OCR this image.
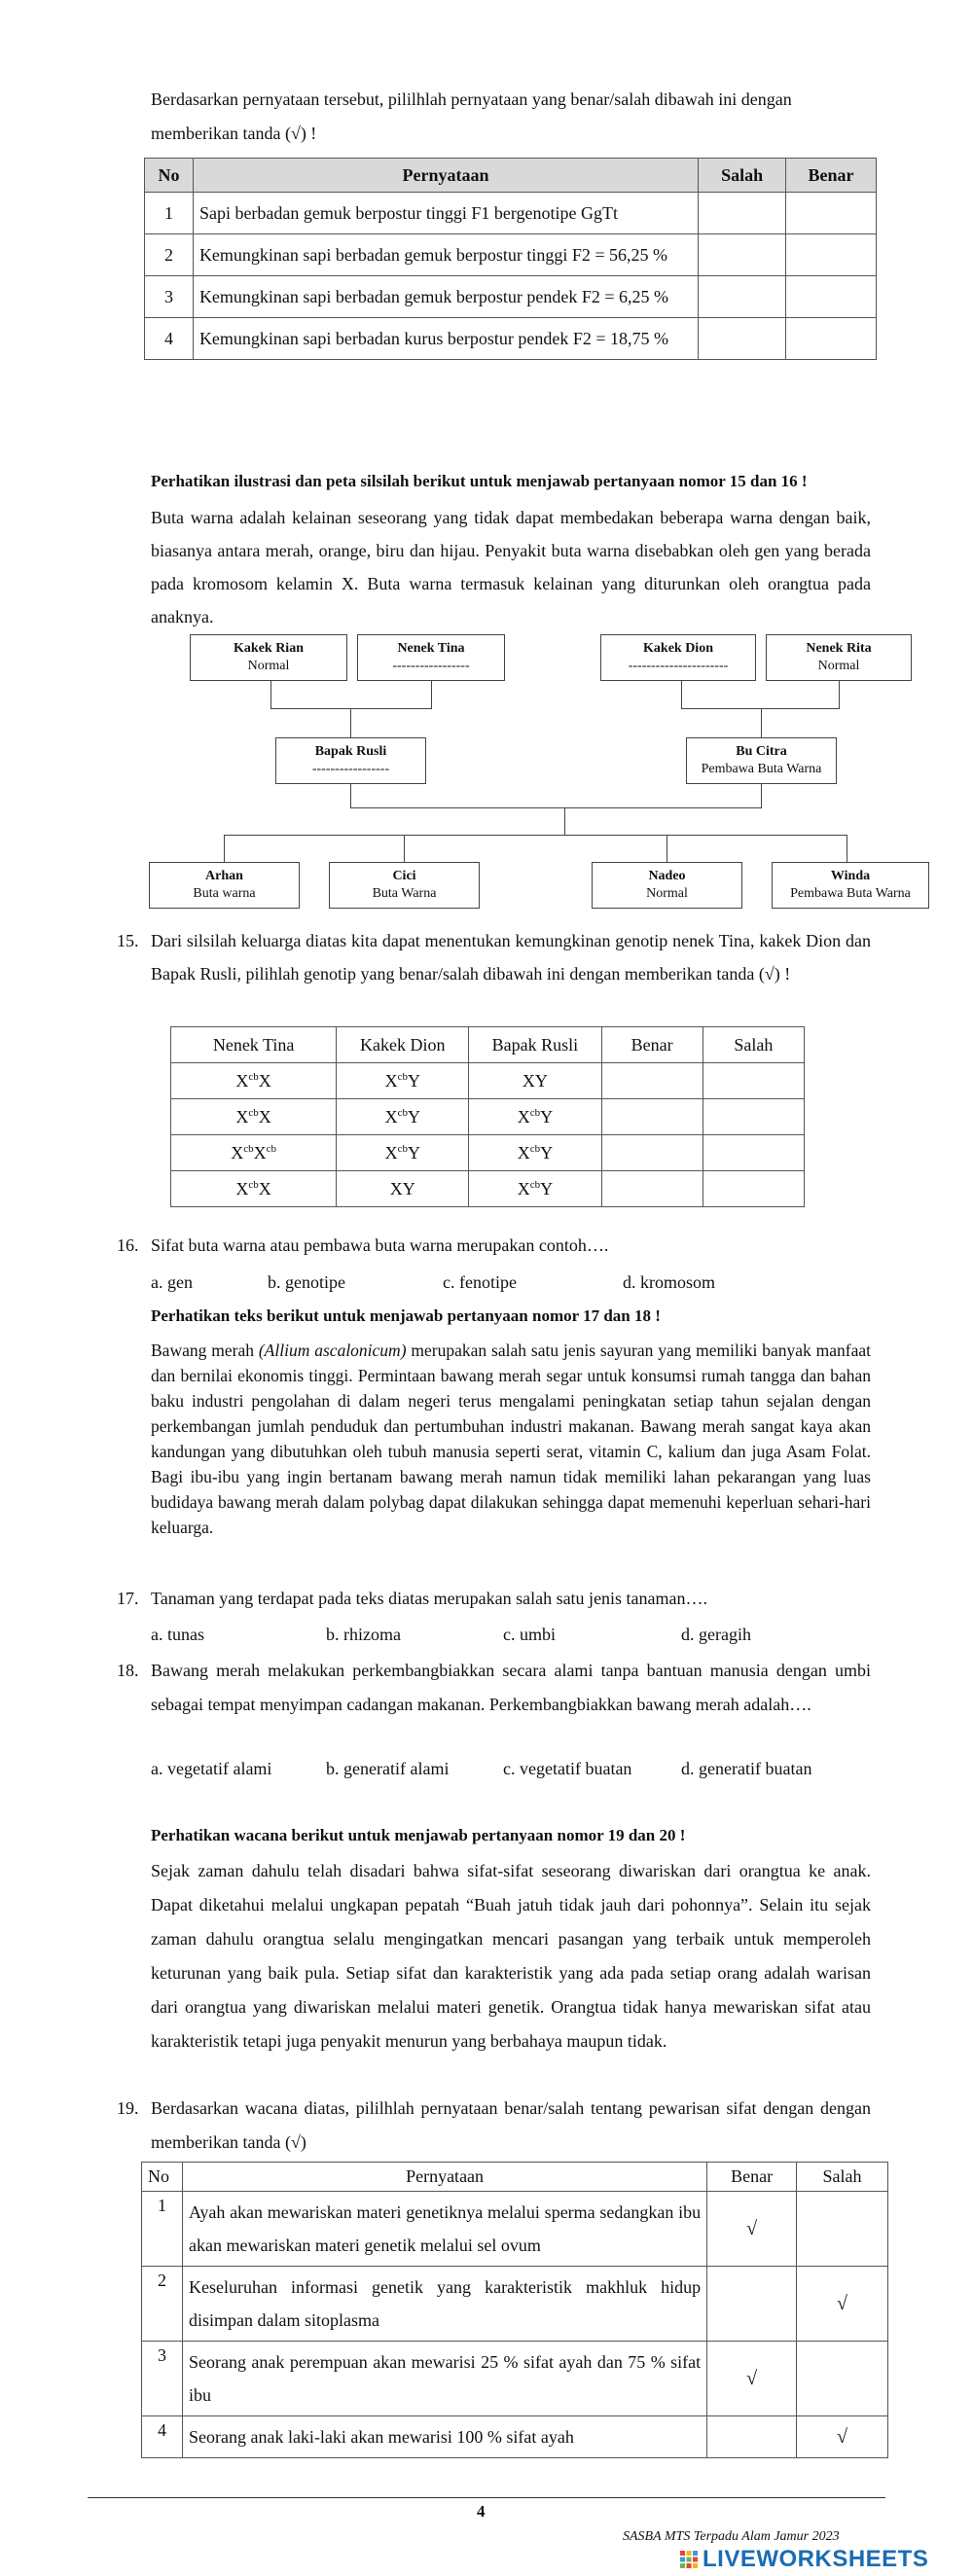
Berdasarkan pernyataan tersebut, pililhlah pernyataan yang benar/salah dibawah ini dengan

memberikan tanda (√) !

No	Pernyataan	Salah	Benar
1	Sapi berbadan gemuk berpostur tinggi F1 bergenotipe GgTt		
2	Kemungkinan sapi berbadan gemuk berpostur tinggi F2 = 56,25 %		
3	Kemungkinan sapi berbadan gemuk berpostur pendek F2 = 6,25 %		
4	Kemungkinan sapi berbadan kurus berpostur pendek F2 = 18,75 %		

Perhatikan ilustrasi dan peta silsilah berikut untuk menjawab pertanyaan nomor 15 dan 16 !

Buta warna adalah kelainan seseorang yang tidak dapat membedakan beberapa warna dengan baik, biasanya antara merah, orange, biru dan hijau. Penyakit buta warna disebabkan oleh gen yang berada pada kromosom kelamin X. Buta warna termasuk kelainan yang diturunkan oleh orangtua pada anaknya.

Kakek Rian
Normal
Nenek Tina
-----------------
Kakek Dion
----------------------
Nenek Rita
Normal
Bapak Rusli
-----------------
Bu Citra
Pembawa Buta Warna
Arhan
Buta warna
Cici
Buta Warna
Nadeo
Normal
Winda
Pembawa Buta Warna
15. Dari silsilah keluarga diatas kita dapat menentukan kemungkinan genotip nenek Tina, kakek Dion dan Bapak Rusli, pilihlah genotip yang benar/salah dibawah ini dengan memberikan tanda (√) !

Nenek Tina	Kakek Dion	Bapak Rusli	Benar	Salah
$X^{cb}X$	$X^{cb}Y$	XY		
$X^{cb}X$	$X^{cb}Y$	$X^{cb}Y$		
$X^{cb}X^{cb}$	$X^{cb}Y$	$X^{cb}Y$		
$X^{cb}X$	XY	$X^{cb}Y$		
16. Sifat buta warna atau pembawa buta warna merupakan contoh….

a. gen	b. genotipe	c. fenotipe	d. kromosom

Perhatikan teks berikut untuk menjawab pertanyaan nomor 17 dan 18 !

Bawang merah (Allium ascalonicum) merupakan salah satu jenis sayuran yang memiliki banyak manfaat dan bernilai ekonomis tinggi. Permintaan bawang merah segar untuk konsumsi rumah tangga dan bahan baku industri pengolahan di dalam negeri terus mengalami peningkatan setiap tahun sejalan dengan perkembangan jumlah penduduk dan pertumbuhan industri makanan. Bawang merah sangat kaya akan kandungan yang dibutuhkan oleh tubuh manusia seperti serat, vitamin C, kalium dan juga Asam Folat. Bagi ibu-ibu yang ingin bertanam bawang merah namun tidak memiliki lahan pekarangan yang luas budidaya bawang merah dalam polybag dapat dilakukan sehingga dapat memenuhi keperluan sehari-hari keluarga.

17. Tanaman yang terdapat pada teks diatas merupakan salah satu jenis tanaman….

a. tunas	b. rhizoma	c. umbi	d. geragih
18. Bawang merah melakukan perkembangbiakkan secara alami tanpa bantuan manusia dengan umbi sebagai tempat menyimpan cadangan makanan. Perkembangbiakkan bawang merah adalah….

a. vegetatif alami	b. generatif alami	c. vegetatif buatan	d. generatif buatan

Perhatikan wacana berikut untuk menjawab pertanyaan nomor 19 dan 20 !

Sejak zaman dahulu telah disadari bahwa sifat-sifat seseorang diwariskan dari orangtua ke anak. Dapat diketahui melalui ungkapan pepatah “Buah jatuh tidak jauh dari pohonnya”. Selain itu sejak zaman dahulu orangtua selalu mengingatkan mencari pasangan yang terbaik untuk memperoleh keturunan yang baik pula. Setiap sifat dan karakteristik yang ada pada setiap orang adalah warisan dari orangtua yang diwariskan melalui materi genetik. Orangtua tidak hanya mewariskan sifat atau karakteristik tetapi juga penyakit menurun yang berbahaya maupun tidak.

19. Berdasarkan wacana diatas, pililhlah pernyataan benar/salah tentang pewarisan sifat dengan dengan memberikan tanda (√)

No	Pernyataan	Benar	Salah
1	Ayah akan mewariskan materi genetiknya melalui sperma sedangkan ibu akan mewariskan materi genetik melalui sel ovum	√	
2	Keseluruhan informasi genetik yang karakteristik makhluk hidup disimpan dalam sitoplasma		√
3	Seorang anak perempuan akan mewarisi 25 % sifat ayah dan 75 % sifat ibu	√	
4	Seorang anak laki-laki akan mewarisi 100 % sifat ayah		√

4

SASBA MTS Terpadu Alam Jamur 2023

LIVEWORKSHEETS
